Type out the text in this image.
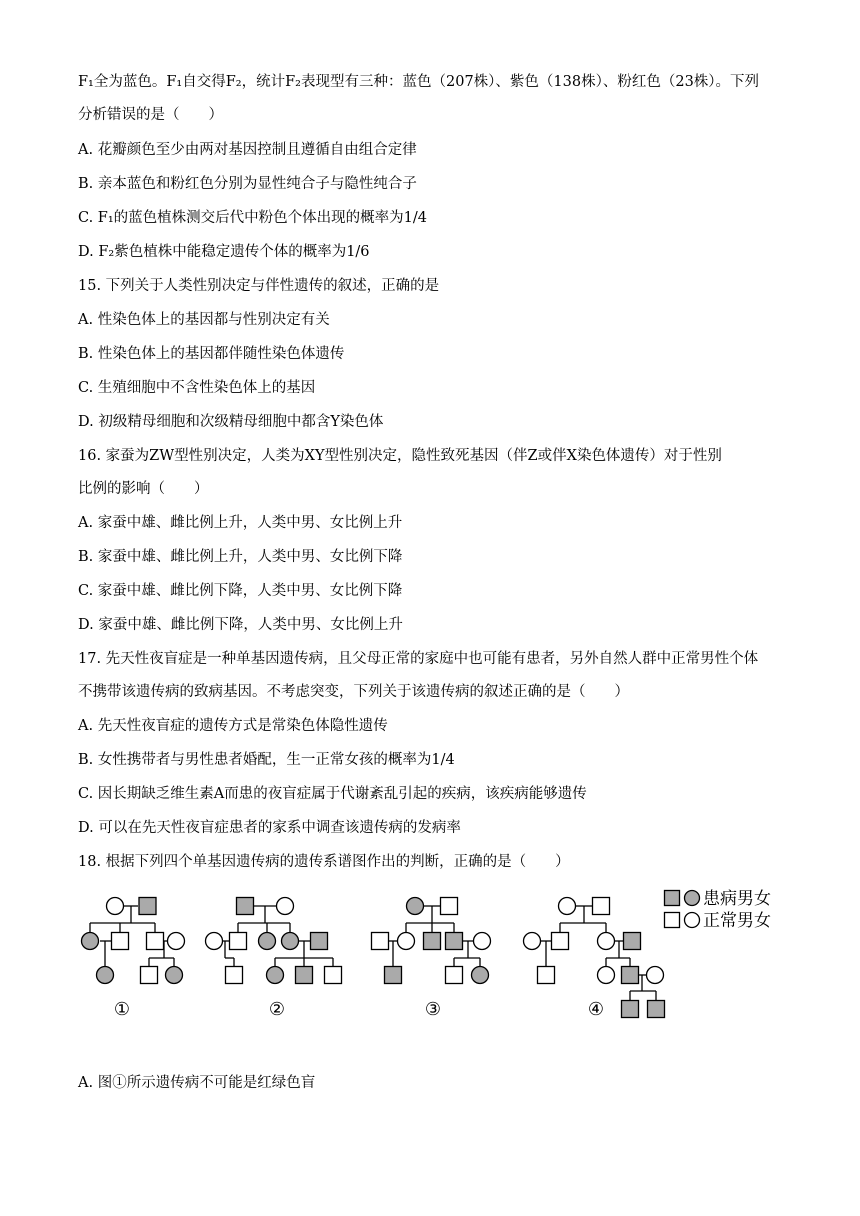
F₁全为蓝色。F₁自交得F₂，统计F₂表现型有三种：蓝色（207株）、紫色（138株）、粉红色（23株）。下列
分析错误的是（　　）
A. 花瓣颜色至少由两对基因控制且遵循自由组合定律
B. 亲本蓝色和粉红色分别为显性纯合子与隐性纯合子
C. F₁的蓝色植株测交后代中粉色个体出现的概率为1/4
D. F₂紫色植株中能稳定遗传个体的概率为1/6
15. 下列关于人类性别决定与伴性遗传的叙述，正确的是
A. 性染色体上的基因都与性别决定有关
B. 性染色体上的基因都伴随性染色体遗传
C. 生殖细胞中不含性染色体上的基因
D. 初级精母细胞和次级精母细胞中都含Y染色体
16. 家蚕为ZW型性别决定，人类为XY型性别决定，隐性致死基因（伴Z或伴X染色体遗传）对于性别
比例的影响（　　）
A. 家蚕中雄、雌比例上升，人类中男、女比例上升
B. 家蚕中雄、雌比例上升，人类中男、女比例下降
C. 家蚕中雄、雌比例下降，人类中男、女比例下降
D. 家蚕中雄、雌比例下降，人类中男、女比例上升
17. 先天性夜盲症是一种单基因遗传病，且父母正常的家庭中也可能有患者，另外自然人群中正常男性个体
不携带该遗传病的致病基因。不考虑突变，下列关于该遗传病的叙述正确的是（　　）
A. 先天性夜盲症的遗传方式是常染色体隐性遗传
B. 女性携带者与男性患者婚配，生一正常女孩的概率为1/4
C. 因长期缺乏维生素A而患的夜盲症属于代谢紊乱引起的疾病，该疾病能够遗传
D. 可以在先天性夜盲症患者的家系中调查该遗传病的发病率
18. 根据下列四个单基因遗传病的遗传系谱图作出的判断，正确的是（　　）
A. 图①所示遗传病不可能是红绿色盲
①	②	③	④
患病男女
正常男女
